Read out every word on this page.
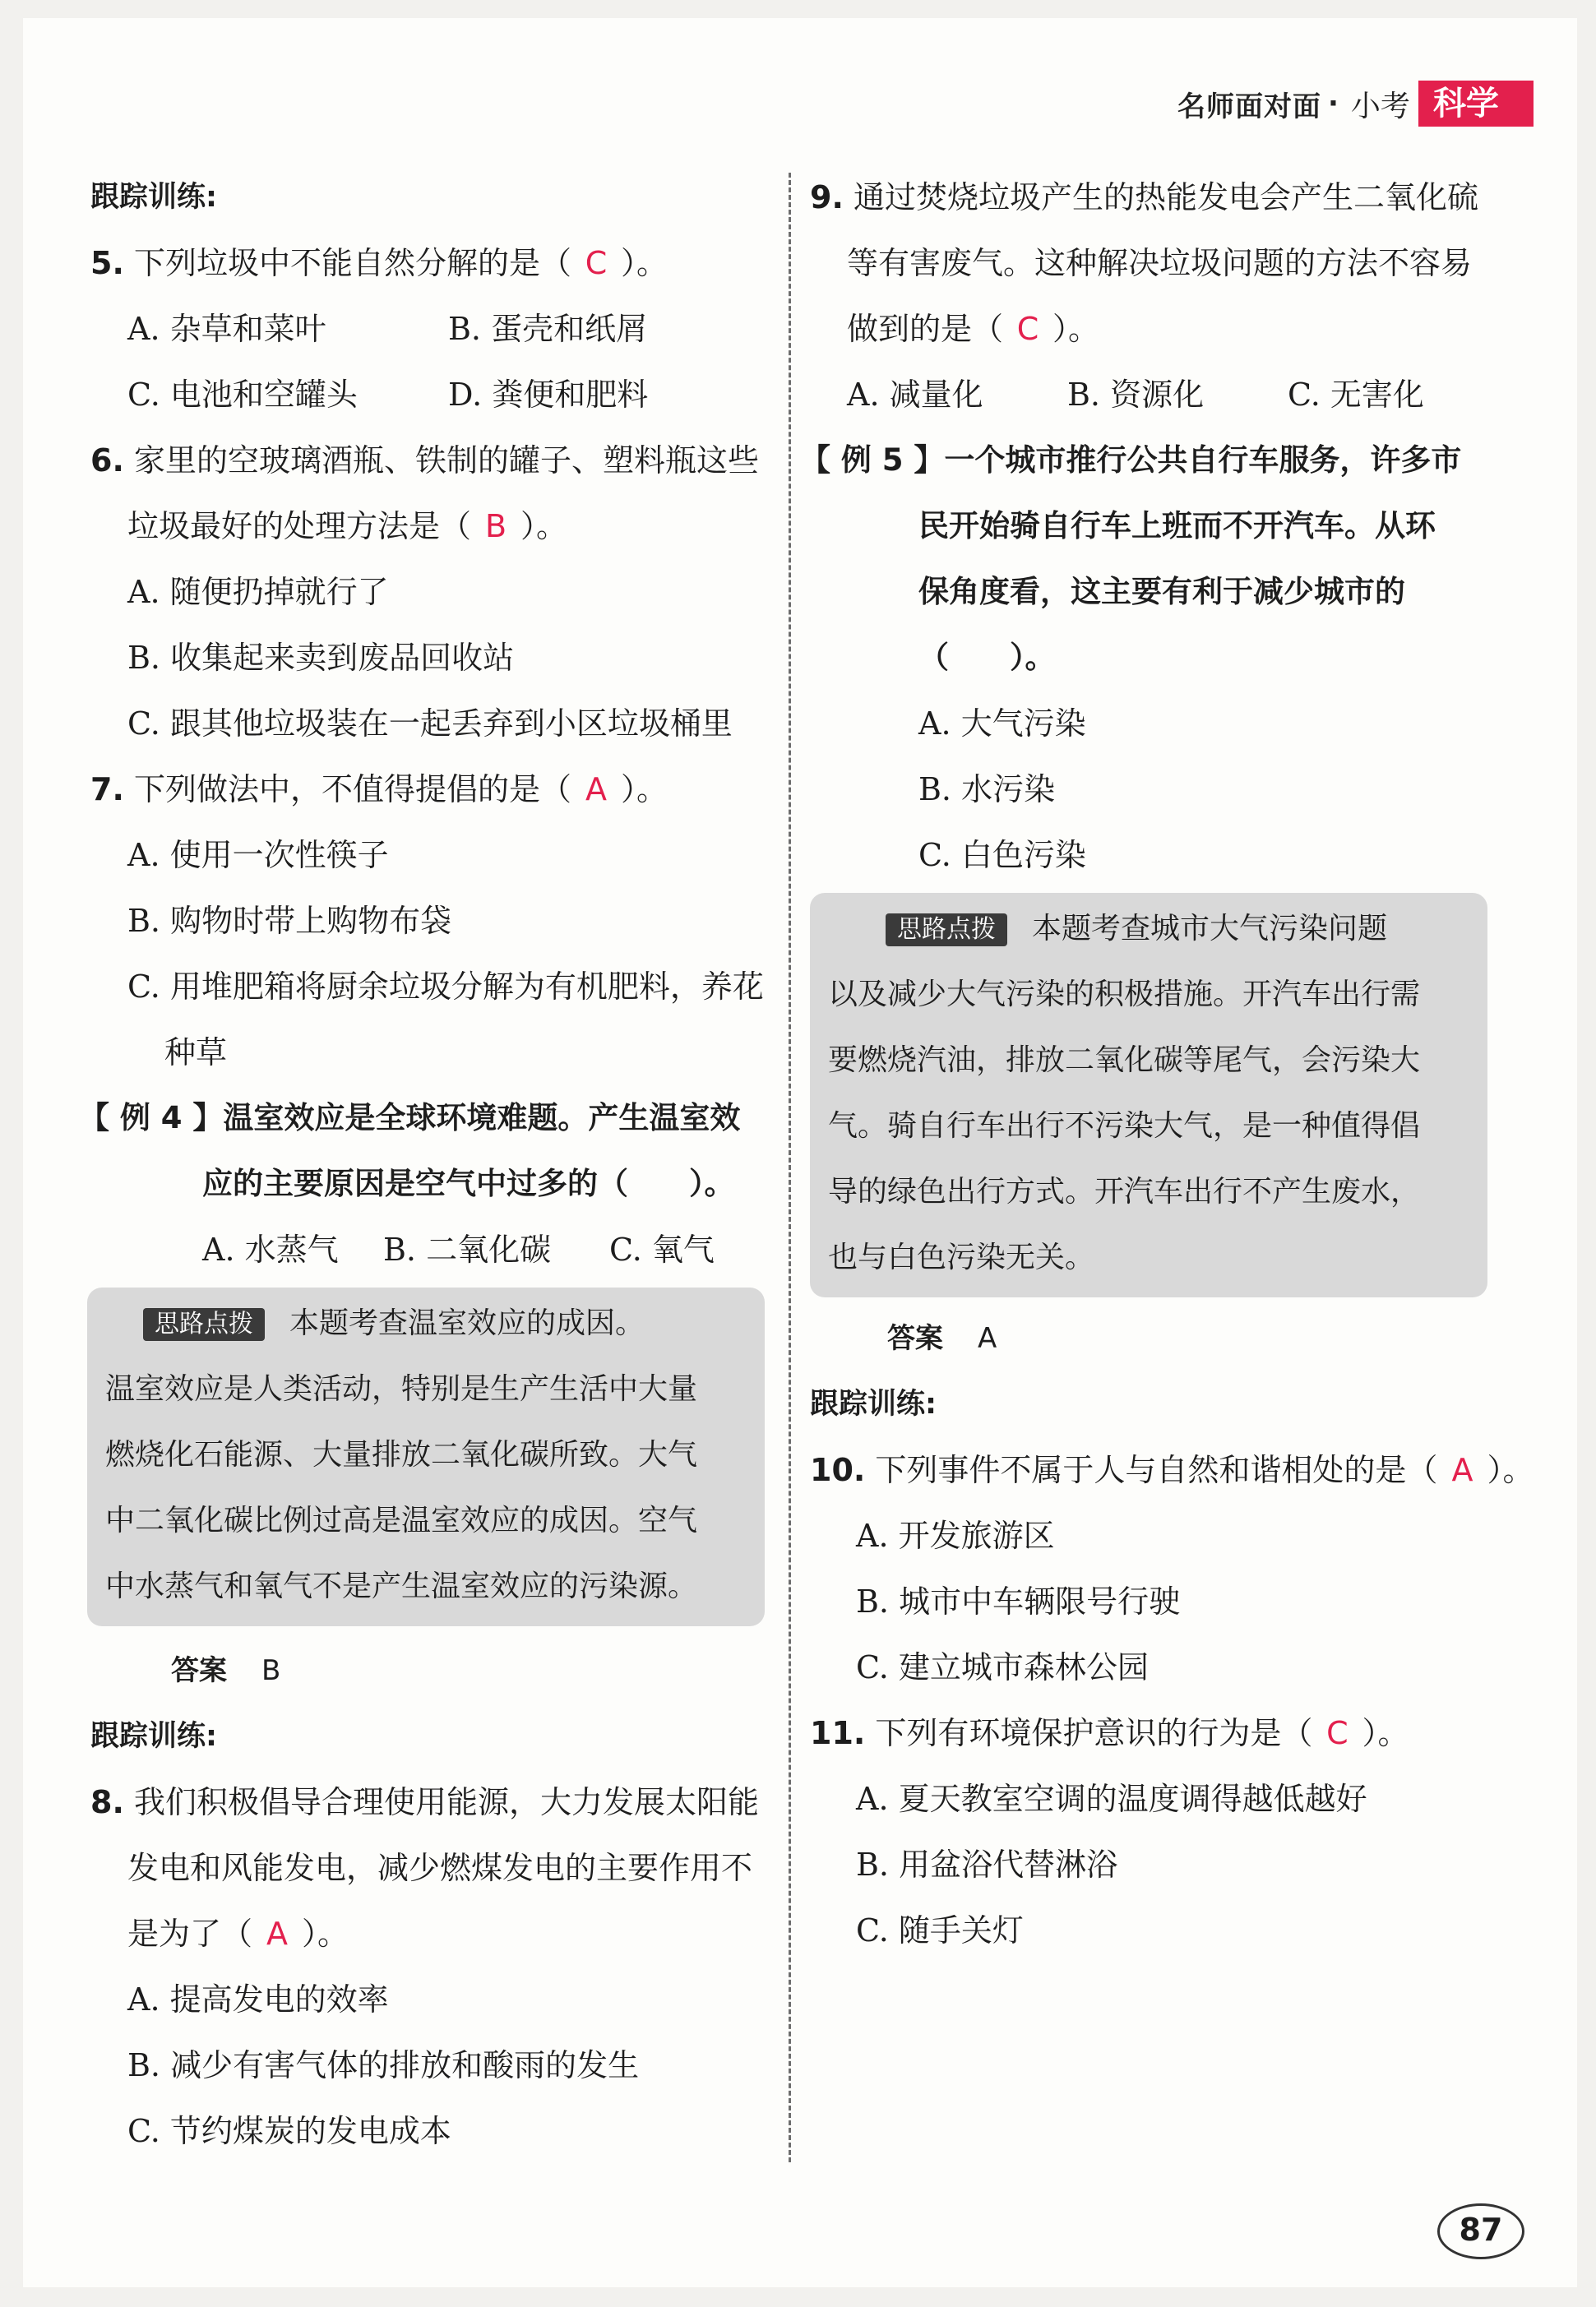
名师面对面 · 小考 科学
跟踪训练:
5. 下列垃圾中不能自然分解的是（ C ）。
A. 杂草和菜叶	B. 蛋壳和纸屑
C. 电池和空罐头	D. 粪便和肥料
6. 家里的空玻璃酒瓶、铁制的罐子、塑料瓶这些
垃圾最好的处理方法是（ B ）。
A. 随便扔掉就行了
B. 收集起来卖到废品回收站
C. 跟其他垃圾装在一起丢弃到小区垃圾桶里
7. 下列做法中，不值得提倡的是（ A ）。
A. 使用一次性筷子
B. 购物时带上购物布袋
C. 用堆肥箱将厨余垃圾分解为有机肥料，养花
种草
【 例 4 】温室效应是全球环境难题。产生温室效
应的主要原因是空气中过多的（　　）。
A. 水蒸气	B. 二氧化碳	C. 氧气
思路点拨 本题考查温室效应的成因。
温室效应是人类活动，特别是生产生活中大量
燃烧化石能源、大量排放二氧化碳所致。大气
中二氧化碳比例过高是温室效应的成因。空气
中水蒸气和氧气不是产生温室效应的污染源。
答案 B
跟踪训练:
8. 我们积极倡导合理使用能源，大力发展太阳能
发电和风能发电，减少燃煤发电的主要作用不
是为了（ A ）。
A. 提高发电的效率
B. 减少有害气体的排放和酸雨的发生
C. 节约煤炭的发电成本
9. 通过焚烧垃圾产生的热能发电会产生二氧化硫
等有害废气。这种解决垃圾问题的方法不容易
做到的是（ C ）。
A. 减量化	B. 资源化	C. 无害化
【 例 5 】一个城市推行公共自行车服务，许多市
民开始骑自行车上班而不开汽车。从环
保角度看，这主要有利于减少城市的
（　　）。
A. 大气污染
B. 水污染
C. 白色污染
思路点拨 本题考查城市大气污染问题
以及减少大气污染的积极措施。开汽车出行需
要燃烧汽油，排放二氧化碳等尾气，会污染大
气。骑自行车出行不污染大气，是一种值得倡
导的绿色出行方式。开汽车出行不产生废水，
也与白色污染无关。
答案 A
跟踪训练:
10. 下列事件不属于人与自然和谐相处的是（ A ）。
A. 开发旅游区
B. 城市中车辆限号行驶
C. 建立城市森林公园
11. 下列有环境保护意识的行为是（ C ）。
A. 夏天教室空调的温度调得越低越好
B. 用盆浴代替淋浴
C. 随手关灯
87
